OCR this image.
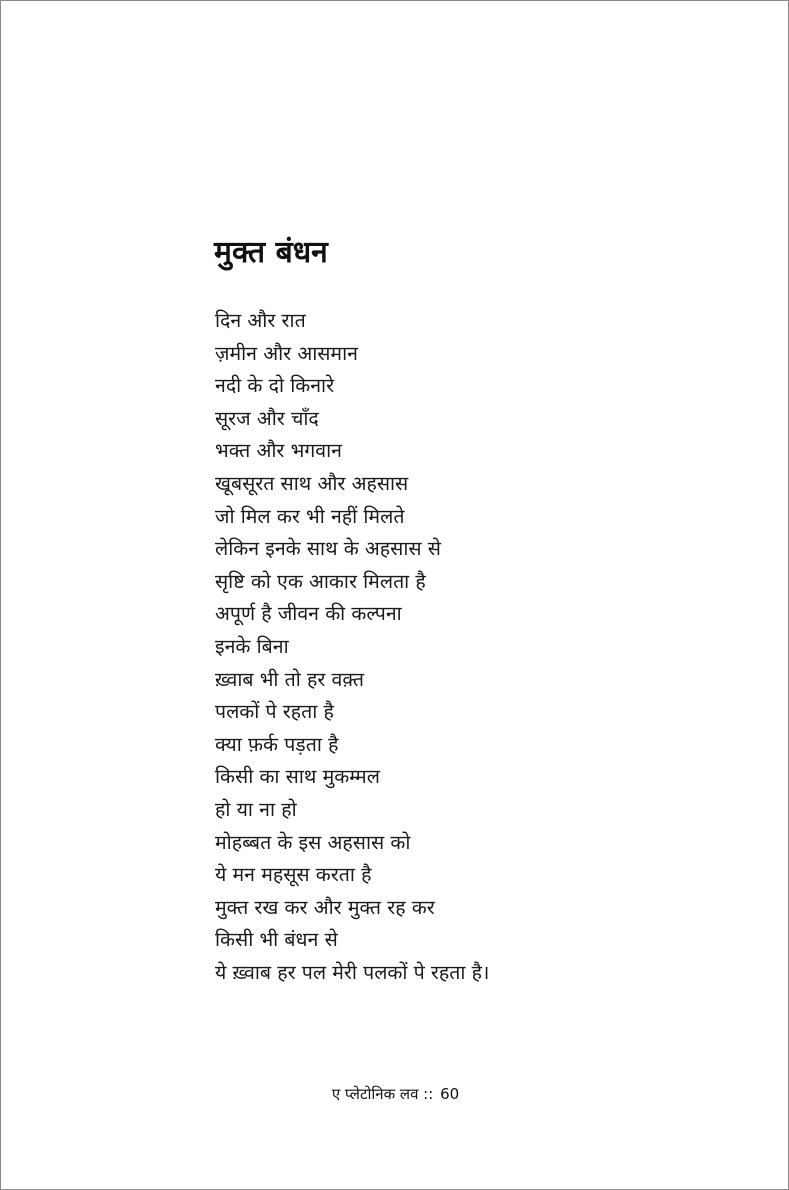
मुक्त बंधन
दिन और रात
ज़मीन और आसमान
नदी के दो किनारे
सूरज और चाँद
भक्त और भगवान
खूबसूरत साथ और अहसास
जो मिल कर भी नहीं मिलते
लेकिन इनके साथ के अहसास से
सृष्टि को एक आकार मिलता है
अपूर्ण है जीवन की कल्पना
इनके बिना
ख़्वाब भी तो हर वक़्त
पलकों पे रहता है
क्या फ़र्क पड़ता है
किसी का साथ मुकम्मल
हो या ना हो
मोहब्बत के इस अहसास को
ये मन महसूस करता है
मुक्त रख कर और मुक्त रह कर
किसी भी बंधन से
ये ख़्वाब हर पल मेरी पलकों पे रहता है।
ए प्लेटोनिक लव :: 60
